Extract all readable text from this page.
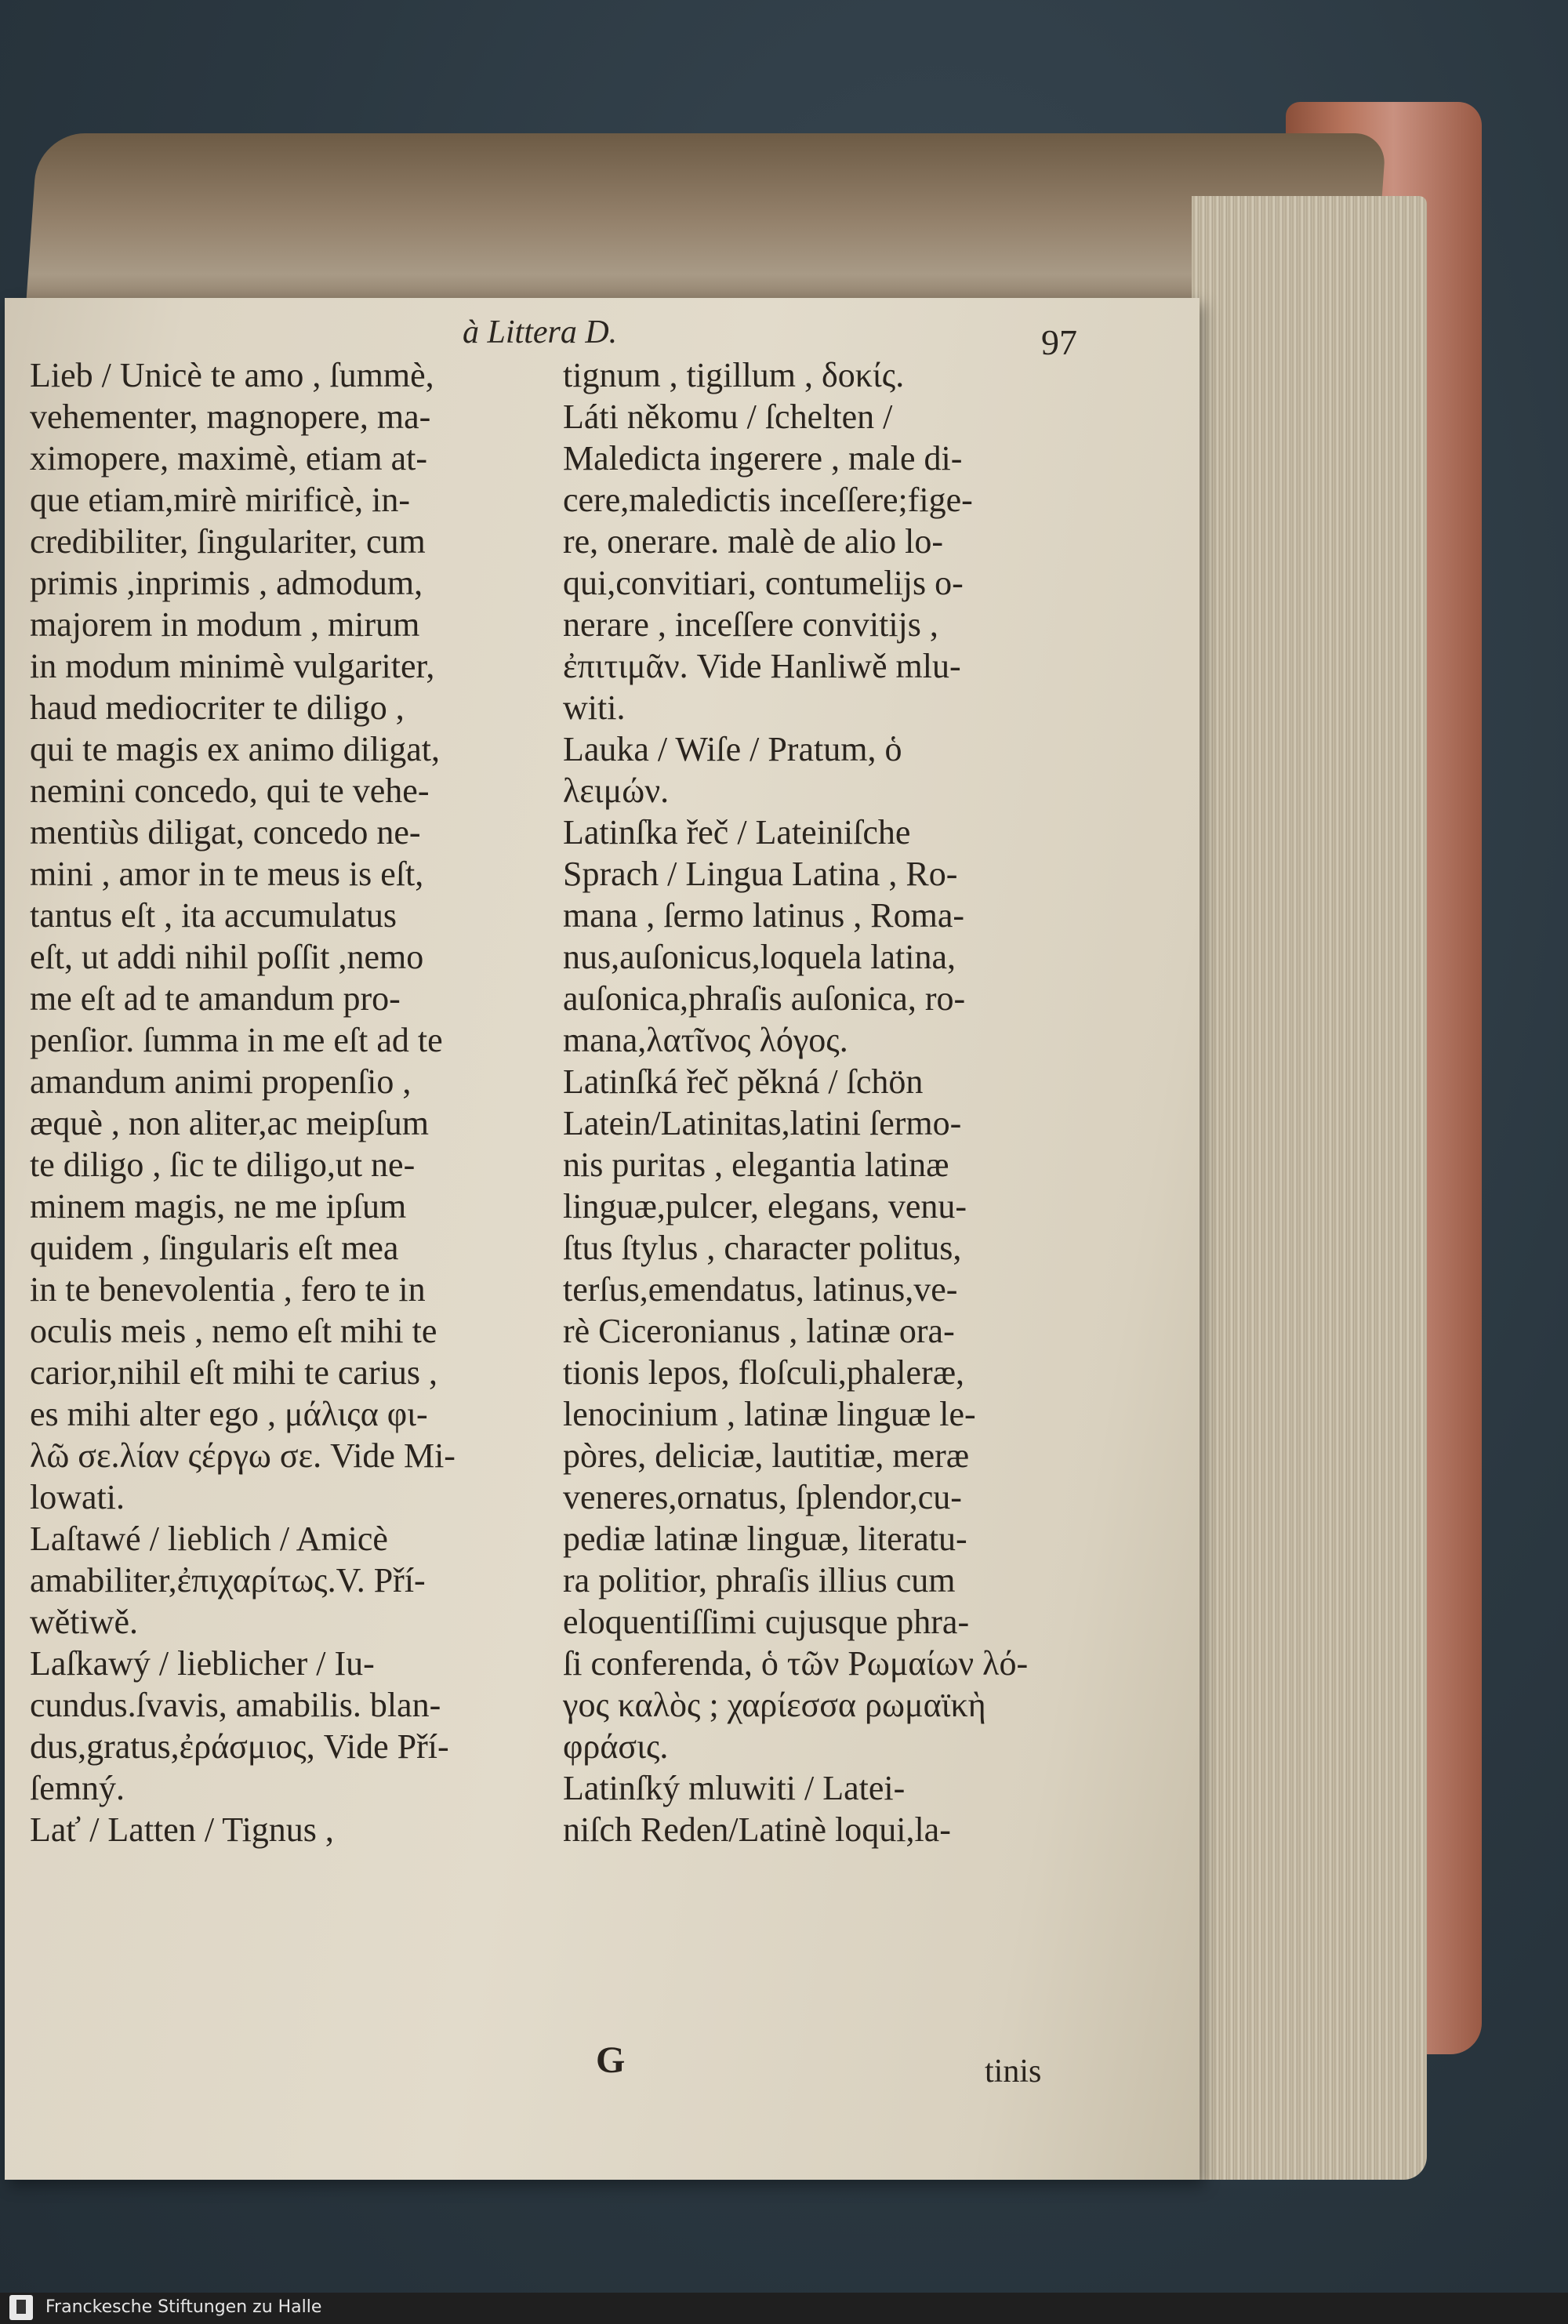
à Littera D.	97
Lieb / Unicè te amo , ſummè,
vehementer, magnopere, ma-
ximopere, maximè, etiam at-
que etiam,mirè mirificè, in-
credibiliter, ſingulariter, cum
primis ,inprimis , admodum,
majorem in modum , mirum
in modum minimè vulgariter,
haud mediocriter te diligo ,
qui te magis ex animo diligat,
nemini concedo, qui te vehe-
mentiùs diligat, concedo ne-
mini , amor in te meus is eſt,
tantus eſt , ita accumulatus
eſt, ut addi nihil poſſit ,nemo
me eſt ad te amandum pro-
penſior. ſumma in me eſt ad te
amandum animi propenſio ,
æquè , non aliter,ac meipſum
te diligo , ſic te diligo,ut ne-
minem magis, ne me ipſum
quidem , ſingularis eſt mea
in te benevolentia , fero te in
oculis meis , nemo eſt mihi te
carior,nihil eſt mihi te carius ,
es mihi alter ego , μάλιςα φι-
λῶ σε.λίαν ςέργω σε. Vide Mi-
lowati.
Laſtawé / lieblich / Amicè
amabiliter,ἐπιχαρίτως.V. Pří-
wětiwě.
Laſkawý / lieblicher / Iu-
cundus.ſvavis, amabilis. blan-
dus,gratus,ἐράσμιος, Vide Pří-
ſemný.
Lať / Latten / Tignus ,
tignum , tigillum , δοκίς.
Láti někomu / ſchelten /
Maledicta ingerere , male di-
cere,maledictis inceſſere;fige-
re, onerare. malè de alio lo-
qui,convitiari, contumelijs o-
nerare , inceſſere convitijs ,
ἐπιτιμᾶν. Vide Hanliwě mlu-
witi.
Lauka / Wiſe / Pratum, ὁ
λειμών.
Latinſka řeč / Lateiniſche
Sprach / Lingua Latina , Ro-
mana , ſermo latinus , Roma-
nus,auſonicus,loquela latina,
auſonica,phraſis auſonica, ro-
mana,λατῖνος λόγος.
Latinſká řeč pěkná / ſchön
Latein/Latinitas,latini ſermo-
nis puritas , elegantia latinæ
linguæ,pulcer, elegans, venu-
ſtus ſtylus , character politus,
terſus,emendatus, latinus,ve-
rè Ciceronianus , latinæ ora-
tionis lepos, floſculi,phaleræ,
lenocinium , latinæ linguæ le-
pòres, deliciæ, lautitiæ, meræ
veneres,ornatus, ſplendor,cu-
pediæ latinæ linguæ, literatu-
ra politior, phraſis illius cum
eloquentiſſimi cujusque phra-
ſi conferenda, ὁ τῶν Ρωμαίων λό-
γος καλὸς ; χαρίεσσα ρωμαϊκὴ
φράσις.
Latinſký mluwiti / Latei-
niſch Reden/Latinè loqui,la-
G	tinis
Franckesche Stiftungen zu Halle
